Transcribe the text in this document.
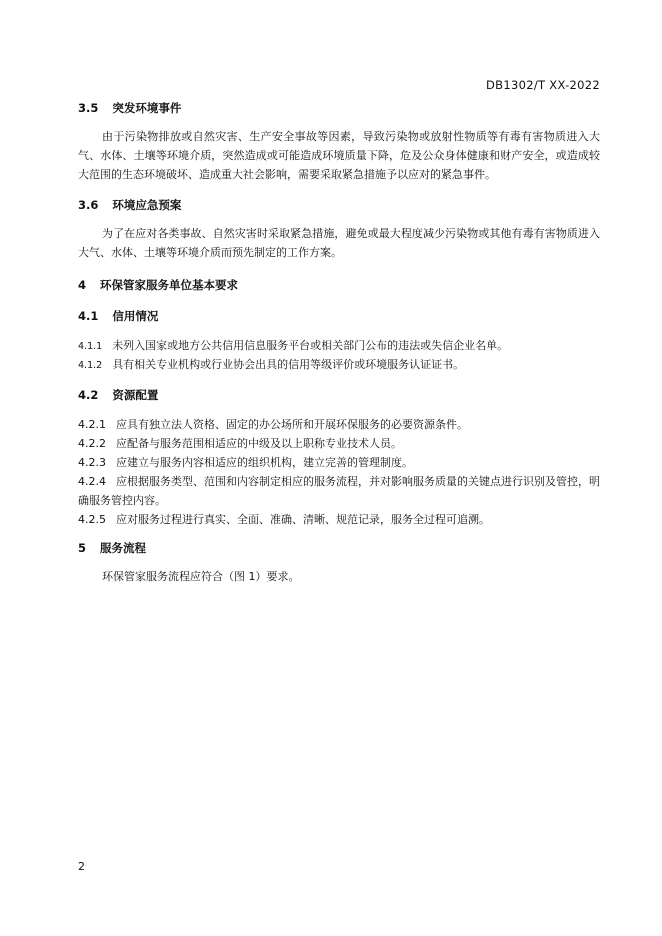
DB1302/T XX-2022
3.5 突发环境事件
由于污染物排放或自然灾害、生产安全事故等因素，导致污染物或放射性物质等有毒有害物质进入大气、水体、土壤等环境介质，突然造成或可能造成环境质量下降，危及公众身体健康和财产安全，或造成较大范围的生态环境破坏、造成重大社会影响，需要采取紧急措施予以应对的紧急事件。
3.6 环境应急预案
为了在应对各类事故、自然灾害时采取紧急措施，避免或最大程度减少污染物或其他有毒有害物质进入大气、水体、土壤等环境介质而预先制定的工作方案。
4 环保管家服务单位基本要求
4.1 信用情况
4.1.1 未列入国家或地方公共信用信息服务平台或相关部门公布的违法或失信企业名单。
4.1.2 具有相关专业机构或行业协会出具的信用等级评价或环境服务认证证书。
4.2 资源配置
4.2.1 应具有独立法人资格、固定的办公场所和开展环保服务的必要资源条件。
4.2.2 应配备与服务范围相适应的中级及以上职称专业技术人员。
4.2.3 应建立与服务内容相适应的组织机构，建立完善的管理制度。
4.2.4 应根据服务类型、范围和内容制定相应的服务流程，并对影响服务质量的关键点进行识别及管控，明确服务管控内容。
4.2.5 应对服务过程进行真实、全面、准确、清晰、规范记录，服务全过程可追溯。
5 服务流程
环保管家服务流程应符合（图 1）要求。
2
